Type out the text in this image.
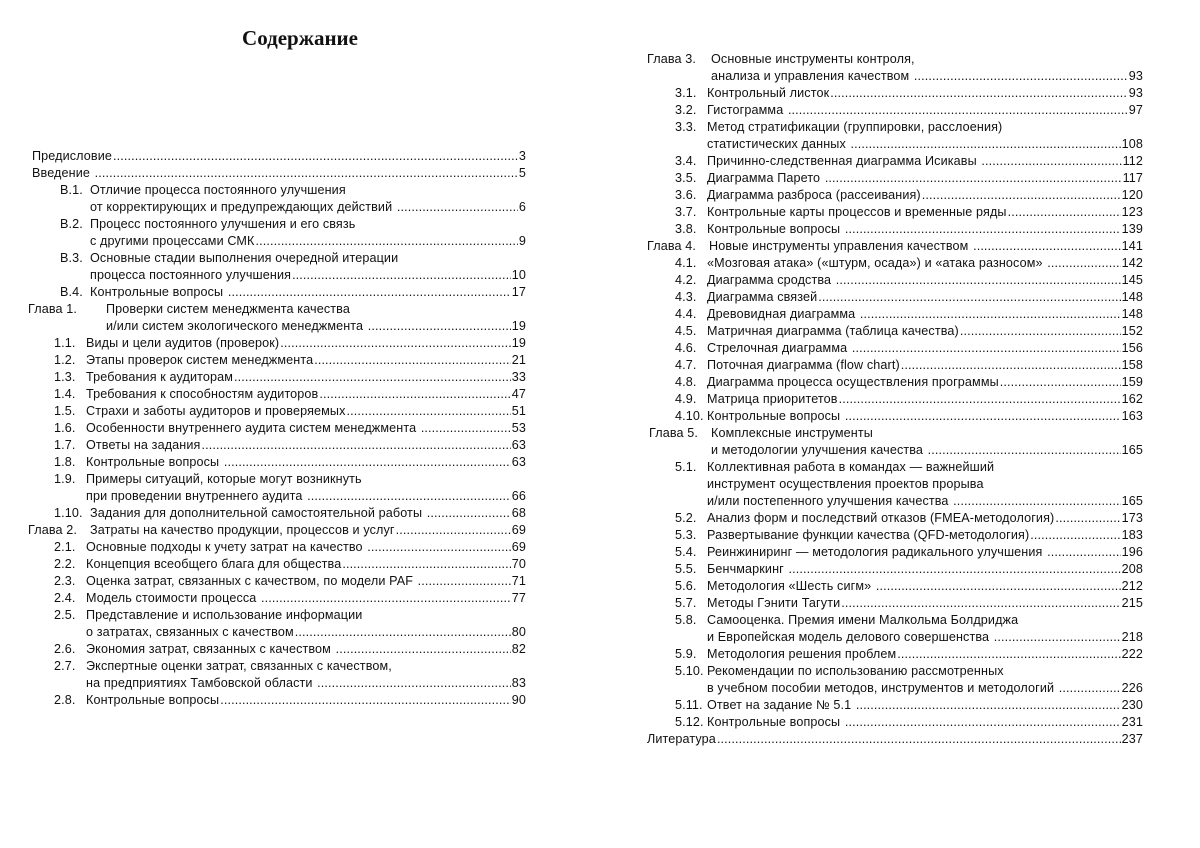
Содержание
Предисловие .....	3
Введение .....	5
В.1. Отличие процесса постоянного улучшения
от корректирующих и предупреждающих действий .....	6
В.2. Процесс постоянного улучшения и его связь
с другими процессами СМК .....	9
В.3. Основные стадии выполнения очередной итерации
процесса постоянного улучшения .....	10
В.4. Контрольные вопросы .....	17
Глава 1.	Проверки систем менеджмента качества
и/или систем экологического менеджмента .....	19
1.1. Виды и цели аудитов (проверок) .....	19
1.2. Этапы проверок систем менеджмента .....	21
1.3. Требования к аудиторам .....	33
1.4. Требования к способностям аудиторов .....	47
1.5. Страхи и заботы аудиторов и проверяемых .....	51
1.6. Особенности внутреннего аудита систем менеджмента .....	53
1.7. Ответы на задания .....	63
1.8. Контрольные вопросы .....	63
1.9. Примеры ситуаций, которые могут возникнуть
при проведении внутреннего аудита .....	66
1.10. Задания для дополнительной самостоятельной работы .....	68
Глава 2.	Затраты на качество продукции, процессов и услуг .....	69
2.1. Основные подходы к учету затрат на качество .....	69
2.2. Концепция всеобщего блага для общества .....	70
2.3. Оценка затрат, связанных с качеством, по модели PAF .....	71
2.4. Модель стоимости процесса .....	77
2.5. Представление и использование информации
о затратах, связанных с качеством .....	80
2.6. Экономия затрат, связанных с качеством .....	82
2.7. Экспертные оценки затрат, связанных с качеством,
на предприятиях Тамбовской области .....	83
2.8. Контрольные вопросы .....	90
Глава 3.	Основные инструменты контроля,
анализа и управления качеством .....	93
3.1. Контрольный листок .....	93
3.2. Гистограмма .....	97
3.3. Метод стратификации (группировки, расслоения)
статистических данных .....	108
3.4. Причинно-следственная диаграмма Исикавы .....	112
3.5. Диаграмма Парето .....	117
3.6. Диаграмма разброса (рассеивания) .....	120
3.7. Контрольные карты процессов и временные ряды .....	123
3.8. Контрольные вопросы .....	139
Глава 4.	Новые инструменты управления качеством .....	141
4.1. «Мозговая атака» («штурм, осада») и «атака разносом» .....	142
4.2. Диаграмма сродства .....	145
4.3. Диаграмма связей .....	148
4.4. Древовидная диаграмма .....	148
4.5. Матричная диаграмма (таблица качества) .....	152
4.6. Стрелочная диаграмма .....	156
4.7. Поточная диаграмма (flow chart) .....	158
4.8. Диаграмма процесса осуществления программы .....	159
4.9. Матрица приоритетов .....	162
4.10. Контрольные вопросы .....	163
Глава 5.	Комплексные инструменты
и методологии улучшения качества .....	165
5.1. Коллективная работа в командах — важнейший
инструмент осуществления проектов прорыва
и/или постепенного улучшения качества .....	165
5.2. Анализ форм и последствий отказов (FMEA-методология) .....	173
5.3. Развертывание функции качества (QFD-методология) .....	183
5.4. Реинжиниринг — методология радикального улучшения .....	196
5.5. Бенчмаркинг .....	208
5.6. Методология «Шесть сигм» .....	212
5.7. Методы Гэнити Тагути .....	215
5.8. Самооценка. Премия имени Малкольма Болдриджа
и Европейская модель делового совершенства .....	218
5.9. Методология решения проблем .....	222
5.10. Рекомендации по использованию рассмотренных
в учебном пособии методов, инструментов и методологий .....	226
5.11. Ответ на задание № 5.1 .....	230
5.12. Контрольные вопросы .....	231
Литература .....	237
